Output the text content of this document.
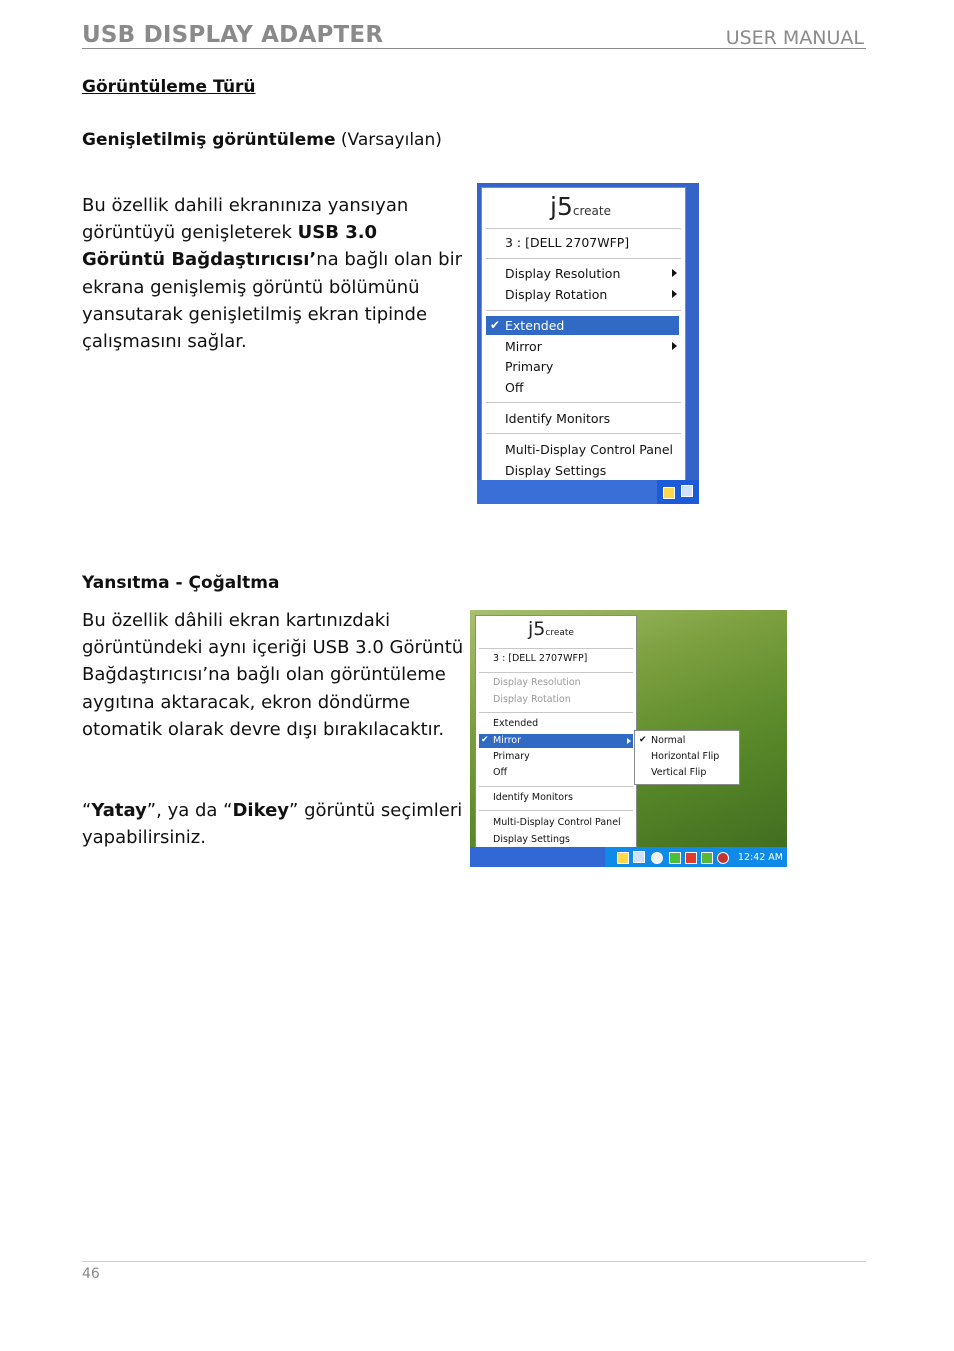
USB DISPLAY ADAPTER	USER MANUAL
Görüntüleme Türü
Genişletilmiş görüntüleme (Varsayılan)
Bu özellik dahili ekranınıza yansıyan görüntüyü genişleterek USB 3.0 Görüntü Bağdaştırıcısı’na bağlı olan bir ekrana genişlemiş görüntü bölümünü yansutarak genişletilmiş ekran tipinde çalışmasını sağlar.
j5create
3 : [DELL 2707WFP]
Display Resolution
Display Rotation
✔ Extended
Mirror
Primary
Off
Identify Monitors
Multi-Display Control Panel
Display Settings
Yansıtma - Çoğaltma
Bu özellik dâhili ekran kartınızdaki görüntündeki aynı içeriği USB 3.0 Görüntü Bağdaştırıcısı’na bağlı olan görüntüleme aygıtına aktaracak, ekron döndürme otomatik olarak devre dışı bırakılacaktır.
“Yatay”, ya da “Dikey” görüntü seçimleri yapabilirsiniz.
j5create
3 : [DELL 2707WFP]
Display Resolution
Display Rotation
Extended
✔ Mirror
Primary
Off
Identify Monitors
Multi-Display Control Panel
Display Settings
✔ Normal
Horizontal Flip
Vertical Flip
12:42 AM
46
